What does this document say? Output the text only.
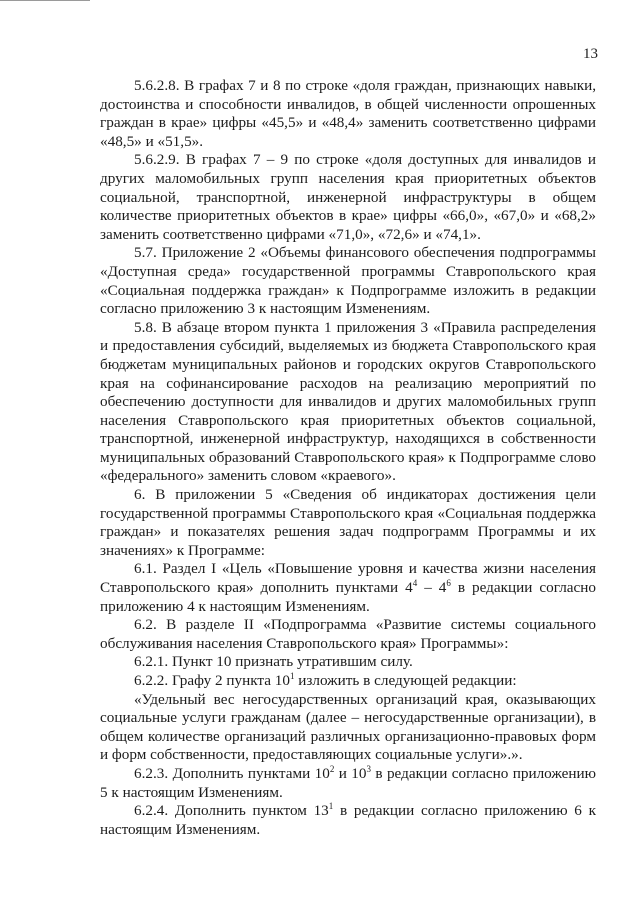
13

5.6.2.8. В графах 7 и 8 по строке «доля граждан, признающих навыки, достоинства и способности инвалидов, в общей численности опрошенных граждан в крае» цифры «45,5» и «48,4» заменить соответственно цифрами «48,5» и «51,5».

5.6.2.9. В графах 7 – 9 по строке «доля доступных для инвалидов и других маломобильных групп населения края приоритетных объектов социальной, транспортной, инженерной инфраструктуры в общем количестве приоритетных объектов в крае» цифры «66,0», «67,0» и «68,2» заменить соответственно цифрами «71,0», «72,6» и «74,1».

5.7. Приложение 2 «Объемы финансового обеспечения подпрограммы «Доступная среда» государственной программы Ставропольского края «Социальная поддержка граждан» к Подпрограмме изложить в редакции согласно приложению 3 к настоящим Изменениям.

5.8. В абзаце втором пункта 1 приложения 3 «Правила распределения и предоставления субсидий, выделяемых из бюджета Ставропольского края бюджетам муниципальных районов и городских округов Ставропольского края на софинансирование расходов на реализацию мероприятий по обеспечению доступности для инвалидов и других маломобильных групп населения Ставропольского края приоритетных объектов социальной, транспортной, инженерной инфраструктур, находящихся в собственности муниципальных образований Ставропольского края» к Подпрограмме слово «федерального» заменить словом «краевого».

6. В приложении 5 «Сведения об индикаторах достижения цели государственной программы Ставропольского края «Социальная поддержка граждан» и показателях решения задач подпрограмм Программы и их значениях» к Программе:

6.1. Раздел I «Цель «Повышение уровня и качества жизни населения Ставропольского края» дополнить пунктами $4^4 - 4^6$ в редакции согласно приложению 4 к настоящим Изменениям.

6.2. В разделе II «Подпрограмма «Развитие системы социального обслуживания населения Ставропольского края» Программы»:

6.2.1. Пункт 10 признать утратившим силу.

6.2.2. Графу 2 пункта $10^1$ изложить в следующей редакции:

«Удельный вес негосударственных организаций края, оказывающих социальные услуги гражданам (далее – негосударственные организации), в общем количестве организаций различных организационно-правовых форм и форм собственности, предоставляющих социальные услуги».».

6.2.3. Дополнить пунктами $10^2$ и $10^3$ в редакции согласно приложению 5 к настоящим Изменениям.

6.2.4. Дополнить пунктом $13^1$ в редакции согласно приложению 6 к настоящим Изменениям.
